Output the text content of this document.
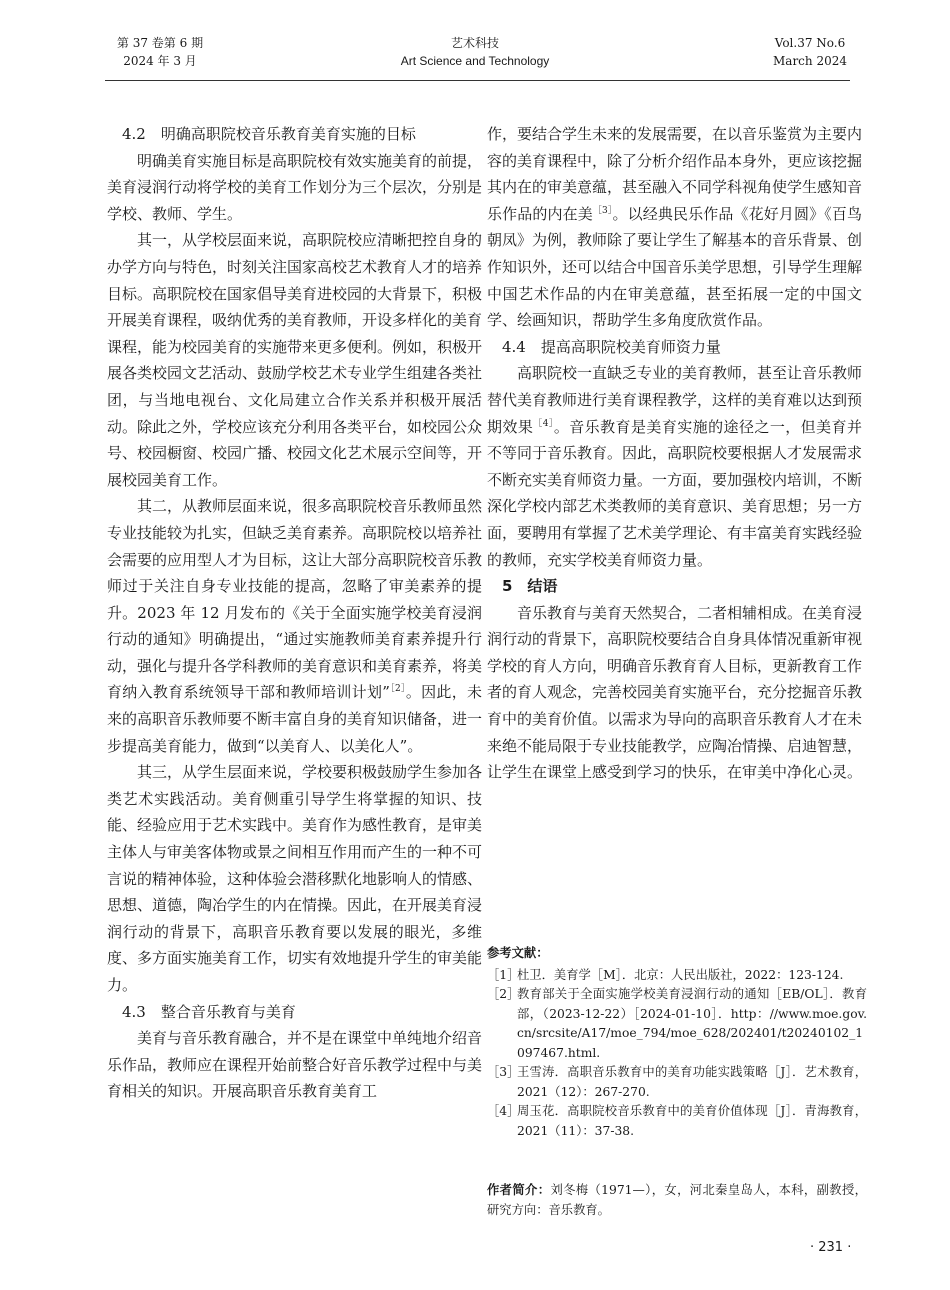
第 37 卷第 6 期
2024 年 3 月
艺术科技
Art Science and Technology
Vol.37 No.6
March 2024

4.2　明确高职院校音乐教育美育实施的目标

明确美育实施目标是高职院校有效实施美育的前提，美育浸润行动将学校的美育工作划分为三个层次，分别是学校、教师、学生。

其一，从学校层面来说，高职院校应清晰把控自身的办学方向与特色，时刻关注国家高校艺术教育人才的培养目标。高职院校在国家倡导美育进校园的大背景下，积极开展美育课程，吸纳优秀的美育教师，开设多样化的美育课程，能为校园美育的实施带来更多便利。例如，积极开展各类校园文艺活动、鼓励学校艺术专业学生组建各类社团，与当地电视台、文化局建立合作关系并积极开展活动。除此之外，学校应该充分利用各类平台，如校园公众号、校园橱窗、校园广播、校园文化艺术展示空间等，开展校园美育工作。

其二，从教师层面来说，很多高职院校音乐教师虽然专业技能较为扎实，但缺乏美育素养。高职院校以培养社会需要的应用型人才为目标，这让大部分高职院校音乐教师过于关注自身专业技能的提高，忽略了审美素养的提升。2023 年 12 月发布的《关于全面实施学校美育浸润行动的通知》明确提出，“通过实施教师美育素养提升行动，强化与提升各学科教师的美育意识和美育素养，将美育纳入教育系统领导干部和教师培训计划”$^{[2]}$。因此，未来的高职音乐教师要不断丰富自身的美育知识储备，进一步提高美育能力，做到“以美育人、以美化人”。

其三，从学生层面来说，学校要积极鼓励学生参加各类艺术实践活动。美育侧重引导学生将掌握的知识、技能、经验应用于艺术实践中。美育作为感性教育，是审美主体人与审美客体物或景之间相互作用而产生的一种不可言说的精神体验，这种体验会潜移默化地影响人的情感、思想、道德，陶冶学生的内在情操。因此，在开展美育浸润行动的背景下，高职音乐教育要以发展的眼光，多维度、多方面实施美育工作，切实有效地提升学生的审美能力。

4.3　整合音乐教育与美育

美育与音乐教育融合，并不是在课堂中单纯地介绍音乐作品，教师应在课程开始前整合好音乐教学过程中与美育相关的知识。开展高职音乐教育美育工

作，要结合学生未来的发展需要，在以音乐鉴赏为主要内容的美育课程中，除了分析介绍作品本身外，更应该挖掘其内在的审美意蕴，甚至融入不同学科视角使学生感知音乐作品的内在美$^{[3]}$。以经典民乐作品《花好月圆》《百鸟朝凤》为例，教师除了要让学生了解基本的音乐背景、创作知识外，还可以结合中国音乐美学思想，引导学生理解中国艺术作品的内在审美意蕴，甚至拓展一定的中国文学、绘画知识，帮助学生多角度欣赏作品。

4.4　提高高职院校美育师资力量

高职院校一直缺乏专业的美育教师，甚至让音乐教师替代美育教师进行美育课程教学，这样的美育难以达到预期效果$^{[4]}$。音乐教育是美育实施的途径之一，但美育并不等同于音乐教育。因此，高职院校要根据人才发展需求不断充实美育师资力量。一方面，要加强校内培训，不断深化学校内部艺术类教师的美育意识、美育思想；另一方面，要聘用有掌握了艺术美学理论、有丰富美育实践经验的教师，充实学校美育师资力量。

5　结语

音乐教育与美育天然契合，二者相辅相成。在美育浸润行动的背景下，高职院校要结合自身具体情况重新审视学校的育人方向，明确音乐教育育人目标，更新教育工作者的育人观念，完善校园美育实施平台，充分挖掘音乐教育中的美育价值。以需求为导向的高职音乐教育人才在未来绝不能局限于专业技能教学，应陶冶情操、启迪智慧，让学生在课堂上感受到学习的快乐，在审美中净化心灵。

参考文献：
［1］
杜卫．美育学［M］．北京：人民出版社，2022：123-124.
［2］
教育部关于全面实施学校美育浸润行动的通知［EB/OL］．教育部，（2023-12-22）［2024-01-10］．http：//www.moe.gov.cn/srcsite/A17/moe_794/moe_628/202401/t20240102_1097467.html.
［3］
王雪涛．高职音乐教育中的美育功能实践策略［J］．艺术教育，2021（12）：267-270.
［4］
周玉花．高职院校音乐教育中的美育价值体现［J］．青海教育，2021（11）：37-38.
作者简介：刘冬梅（1971—），女，河北秦皇岛人，本科，副教授，研究方向：音乐教育。
· 231 ·
